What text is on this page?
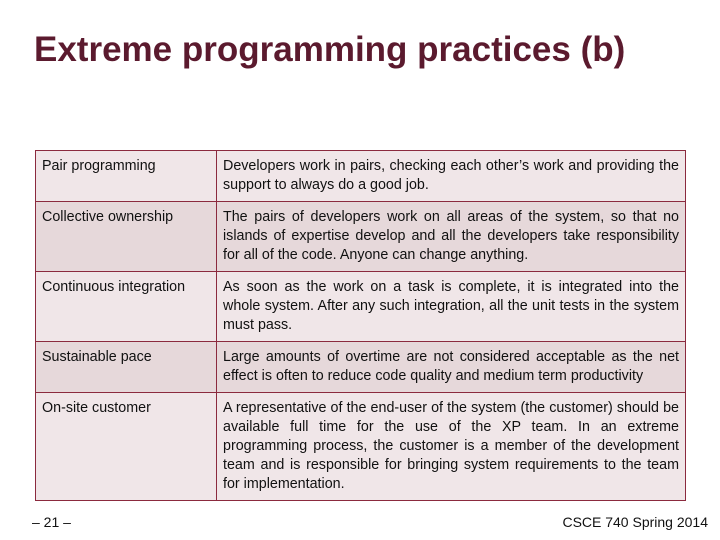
Extreme programming practices (b)
Pair programming	Developers work in pairs, checking each other’s work and providing the support to always do a good job.
Collective ownership	The pairs of developers work on all areas of the system, so that no islands of expertise develop and all the developers take responsibility for all of the code. Anyone can change anything.
Continuous integration	As soon as the work on a task is complete, it is integrated into the whole system. After any such integration, all the unit tests in the system must pass.
Sustainable pace	Large amounts of overtime are not considered acceptable as the net effect is often to reduce code quality and medium term productivity
On-site customer	A representative of the end-user of the system (the customer) should be available full time for the use of the XP team. In an extreme programming process, the customer is a member of the development team and is responsible for bringing system requirements to the team for implementation.
– 21 –	CSCE 740 Spring 2014
